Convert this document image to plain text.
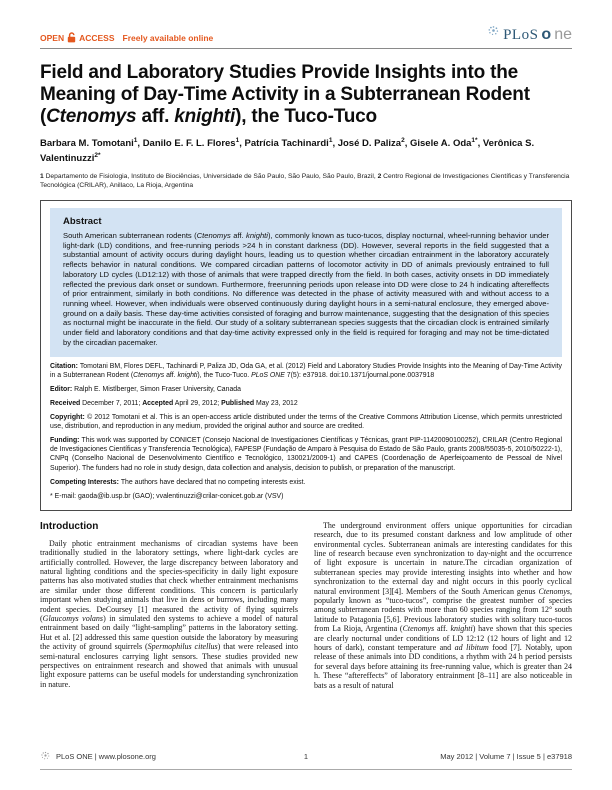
OPEN ACCESS Freely available online	PLoS o ne
Field and Laboratory Studies Provide Insights into the Meaning of Day-Time Activity in a Subterranean Rodent (Ctenomys aff. knighti), the Tuco-Tuco

Barbara M. Tomotani$^1$, Danilo E. F. L. Flores$^1$, Patrícia Tachinardi$^1$, José D. Paliza$^2$, Gisele A. Oda$^{1*}$, Verônica S. Valentinuzzi$^{2*}$

1 Departamento de Fisiologia, Instituto de Biociências, Universidade de São Paulo, São Paulo, São Paulo, Brazil, 2 Centro Regional de Investigaciones Científicas y Transferencia Tecnológica (CRILAR), Anillaco, La Rioja, Argentina

Abstract

South American subterranean rodents (Ctenomys aff. knighti), commonly known as tuco-tucos, display nocturnal, wheel-running behavior under light-dark (LD) conditions, and free-running periods >24 h in constant darkness (DD). However, several reports in the field suggested that a substantial amount of activity occurs during daylight hours, leading us to question whether circadian entrainment in the laboratory accurately reflects behavior in natural conditions. We compared circadian patterns of locomotor activity in DD of animals previously entrained to full laboratory LD cycles (LD12:12) with those of animals that were trapped directly from the field. In both cases, activity onsets in DD immediately reflected the previous dark onset or sundown. Furthermore, freerunning periods upon release into DD were close to 24 h indicating aftereffects of prior entrainment, similarly in both conditions. No difference was detected in the phase of activity measured with and without access to a running wheel. However, when individuals were observed continuously during daylight hours in a semi-natural enclosure, they emerged above-ground on a daily basis. These day-time activities consisted of foraging and burrow maintenance, suggesting that the designation of this species as nocturnal might be inaccurate in the field. Our study of a solitary subterranean species suggests that the circadian clock is entrained similarly under field and laboratory conditions and that day-time activity expressed only in the field is required for foraging and may not be time-dictated by the circadian pacemaker.

Citation: Tomotani BM, Flores DEFL, Tachinardi P, Paliza JD, Oda GA, et al. (2012) Field and Laboratory Studies Provide Insights into the Meaning of Day-Time Activity in a Subterranean Rodent (Ctenomys aff. knighti), the Tuco-Tuco. PLoS ONE 7(5): e37918. doi:10.1371/journal.pone.0037918

Editor: Ralph E. Mistlberger, Simon Fraser University, Canada

Received December 7, 2011; Accepted April 29, 2012; Published May 23, 2012

Copyright: © 2012 Tomotani et al. This is an open-access article distributed under the terms of the Creative Commons Attribution License, which permits unrestricted use, distribution, and reproduction in any medium, provided the original author and source are credited.

Funding: This work was supported by CONICET (Consejo Nacional de Investigaciones Científicas y Técnicas, grant PIP-11420090100252), CRILAR (Centro Regional de Investigaciones Científicas y Transferencia Tecnológica), FAPESP (Fundação de Amparo à Pesquisa do Estado de São Paulo, grants 2008/55035-5, 2010/50222-1), CNPq (Conselho Nacional de Desenvolvimento Científico e Tecnológico, 130021/2009-1) and CAPES (Coordenação de Aperfeiçoamento de Pessoal de Nível Superior). The funders had no role in study design, data collection and analysis, decision to publish, or preparation of the manuscript.

Competing Interests: The authors have declared that no competing interests exist.

* E-mail: gaoda@ib.usp.br (GAO); vvalentinuzzi@crilar-conicet.gob.ar (VSV)

Introduction

Daily photic entrainment mechanisms of circadian systems have been traditionally studied in the laboratory settings, where light-dark cycles are artificially controlled. However, the large discrepancy between laboratory and natural lighting conditions and the species-specificity in daily light exposure patterns has also motivated studies that check whether entrainment mechanisms are similar under those different conditions. This concern is particularly important when studying animals that live in dens or burrows, including many rodent species. DeCoursey [1] measured the activity of flying squirrels (Glaucomys volans) in simulated den systems to achieve a model of natural entrainment based on daily “light-sampling” patterns in the laboratory setting. Hut et al. [2] addressed this same question outside the laboratory by measuring the activity of ground squirrels (Spermophilus citellus) that were released into semi-natural enclosures carrying light sensors. These studies provided new perspectives on entrainment research and showed that animals with unusual light exposure patterns can be useful models for understanding synchronization in nature.

The underground environment offers unique opportunities for circadian research, due to its presumed constant darkness and low amplitude of other environmental cycles. Subterranean animals are interesting candidates for this line of research because even synchronization to day-night and the occurrence of light exposure is uncertain in nature.The circadian organization of subterranean species may provide interesting insights into whether and how synchronization to the external day and night occurs in this poorly cyclical natural environment [3][4]. Members of the South American genus Ctenomys, popularly known as “tuco-tucos”, comprise the greatest number of species among subterranean rodents with more than 60 species ranging from 12° south latitude to Patagonia [5,6]. Previous laboratory studies with solitary tuco-tucos from La Rioja, Argentina (Ctenomys aff. knighti) have shown that this species are clearly nocturnal under conditions of LD 12:12 (12 hours of light and 12 hours of dark), constant temperature and ad libitum food [7]. Notably, upon release of these animals into DD conditions, a rhythm with 24 h period persists for several days before attaining its free-running value, which is greater than 24 h. These “aftereffects” of laboratory entrainment [8–11] are also noticeable in bats as a result of natural

PLoS ONE | www.plosone.org	1	May 2012 | Volume 7 | Issue 5 | e37918
